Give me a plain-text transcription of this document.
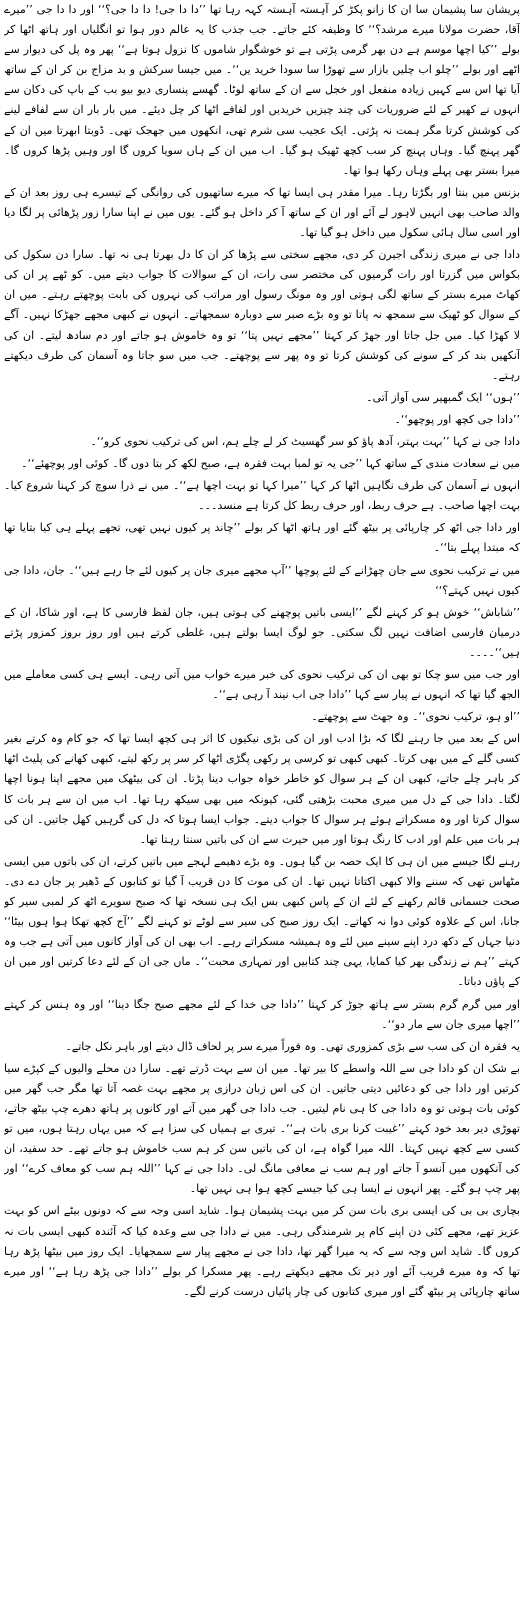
پریشان سا پشیمان سا ان کا زانو پکڑ کر آہستہ آہستہ کہہ رہا تھا ’’دا دا جی! دا دا جی؟‘‘ اور دا دا جی ’’میرے آقا، حضرت مولانا میرے مرشد؟‘‘ کا وظیفہ کئے جاتے۔ جب جذب کا یہ عالم دور ہوا تو انگلیاں اور ہاتھ اٹھا کر بولے ’’کیا اچھا موسم ہے دن بھر گرمی پڑتی ہے تو خوشگوار شاموں کا نزول ہوتا ہے‘‘ پھر وہ پل کی دیوار سے اٹھے اور بولے ’’چلو اب چلیں بازار سے تھوڑا سا سودا خرید یں‘‘۔ میں جیسا سرکش و بد مزاج بن کر ان کے ساتھ آیا تھا اس سے کہیں زیادہ منفعل اور خجل سے ان کے ساتھ لوٹا۔ گھسے پنساری دیو بیو بب کے باپ کی دکان سے انہوں نے کھیر کے لئے ضروریات کی چند چیزیں خریدیں اور لفافے اٹھا کر چل دیئے۔ میں بار بار ان سے لفافے لینے کی کوشش کرتا مگر ہمت نہ پڑتی۔ ایک عجیب سی شرم تھی، انکھوں میں جھجک تھی۔ ڈوبتا ابھرتا میں ان کے گھر پہنچ گیا۔ وہاں پہنچ کر سب کچھ ٹھیک ہو گیا۔ اب میں ان کے ہاں سویا کروں گا اور وہیں پڑھا کروں گا۔ میرا بستر بھی پہلے وہاں رکھا ہوا تھا۔

بزنس میں بنتا اور بگڑتا رہا۔ میرا مقدر ہی ایسا تھا کہ میرے ساتھیوں کی روانگی کے تیسرے ہی روز بعد ان کے والد صاحب بھی انہیں لاہور لے آئے اور ان کے ساتھ آ کر داخل ہو گئے۔ یوں میں نے اپنا سارا زور پڑھائی پر لگا دیا اور اسی سال ہائی سکول میں داخل ہو گیا تھا۔

دادا جی نے میری زندگی اجیرن کر دی، مجھے سختی سے پڑھا کر ان کا دل بھرتا ہی نہ تھا۔ سارا دن سکول کی بکواس میں گزرتا اور رات گرمیوں کی مختصر سی رات، ان کے سوالات کا جواب دیتے میں۔ کو ٹھے پر ان کی کھاٹ میرے بستر کے ساتھ لگی ہوتی اور وہ مونگ رسول اور مراتب کی نہروں کی بابت پوچھتے رہتے۔ میں ان کے سوال کو ٹھیک سے سمجھ نہ پاتا تو وہ بڑے صبر سے دوبارہ سمجھاتے۔ انہوں نے کبھی مجھے جھڑکا نہیں۔ آگے لا کھڑا کیا۔ میں جل جاتا اور جھڑ کر کہتا ’’مجھے نہیں پتا‘‘ تو وہ خاموش ہو جاتے اور دم سادھ لیتے۔ ان کی آنکھیں بند کر کے سونے کی کوشش کرتا تو وہ پھر سے پوچھتے۔ جب میں سو جاتا وہ آسمان کی طرف دیکھتے رہتے۔

’’ہوں‘‘ ایک گمبھیر سی آواز آتی۔

’’دادا جی کچھ اور پوچھو‘‘۔

دادا جی نے کہا ’’بہت بہتر، آدھ پاؤ کو سر گھسیٹ کر لے چلے ہم، اس کی ترکیب نحوی کرو‘‘۔

میں نے سعادت مندی کے ساتھ کہا ’’جی یہ تو لمبا بہت فقرہ ہے، صبح لکھ کر بتا دوں گا۔ کوئی اور پوچھئے‘‘۔

انہوں نے آسمان کی طرف نگاہیں اٹھا کر کہا ’’میرا کہا تو بہت اچھا ہے‘‘۔ میں نے ذرا سوچ کر کہنا شروع کیا۔ بہت اچھا صاحب۔ ہے حرف ربط، اور حرف ربط کل کرتا ہے منسد۔۔۔

اور دادا جی اٹھ کر چارپائی پر بیٹھ گئے اور ہاتھ اٹھا کر بولے ’’چاند پر کیوں نہیں تھی، تجھے پہلے ہی کیا بتایا تھا کہ مبتدا پہلے بتا‘‘۔

میں نے ترکیب نحوی سے جان چھڑانے کے لئے پوچھا ’’آپ مجھے میری جان پر کیوں لئے جا رہے ہیں‘‘۔ جان، دادا جی کیوں نہیں کہتے؟‘‘

’’شاباش‘‘ خوش ہو کر کہنے لگے ’’ایسی باتیں پوچھنے کی ہوتی ہیں، جان لفظ فارسی کا ہے، اور شاکا، ان کے درمیان فارسی اضافت نہیں لگ سکتی۔ جو لوگ ایسا بولتے ہیں، غلطی کرتے ہیں اور روز بروز کمزور پڑتے ہیں‘‘۔۔۔۔

اور جب میں سو چکا تو بھی ان کی ترکیب نحوی کی خبر میرے خواب میں آتی رہی۔ ایسے ہی کسی معاملے میں الجھ گیا تھا کہ انہوں نے پیار سے کہا ’’دادا جی اب نیند آ رہی ہے‘‘۔

’’او ہو، ترکیب نحوی‘‘۔ وہ جھٹ سے پوچھتے۔

اس کے بعد میں جا رہنے لگا کہ بڑا ادب اور ان کی بڑی نیکیوں کا اثر ہی کچھ ایسا تھا کہ جو کام وہ کرتے بغیر کسی گلے کے میں بھی کرتا۔ کبھی کبھی تو کرسی پر رکھی پگڑی اٹھا کر سر پر رکھ لیتے، کبھی کھانے کی پلیٹ اٹھا کر باہر چلے جاتے، کبھی ان کے ہر سوال کو خاطر خواہ جواب دینا پڑتا۔ ان کی بیٹھک میں مجھے اپنا ہونا اچھا لگتا۔ دادا جی کے دل میں میری محبت بڑھتی گئی، کیونکہ میں بھی سیکھ رہا تھا۔ اب میں ان سے ہر بات کا سوال کرتا اور وہ مسکراتے ہوئے ہر سوال کا جواب دیتے۔ جواب ایسا ہوتا کہ دل کی گرہیں کھل جاتیں۔ ان کی ہر بات میں علم اور ادب کا رنگ ہوتا اور میں حیرت سے ان کی باتیں سنتا رہتا تھا۔

رہنے لگا جیسے میں ان ہی کا ایک حصہ بن گیا ہوں۔ وہ بڑے دھیمے لہجے میں باتیں کرتے، ان کی باتوں میں ایسی مٹھاس تھی کہ سننے والا کبھی اکتاتا نہیں تھا۔ ان کی موت کا دن قریب آ گیا تو کتابوں کے ڈھیر پر جان دے دی۔ صحت جسمانی قائم رکھنے کے لئے ان کے پاس کبھی بس ایک ہی نسخہ تھا کہ صبح سویرے اٹھ کر لمبی سیر کو جانا، اس کے علاوہ کوئی دوا نہ کھاتے۔ ایک روز صبح کی سیر سے لوٹے تو کہنے لگے ’’آج کچھ تھکا ہوا ہوں بیٹا‘‘ دنیا جہاں کے دکھ درد اپنے سینے میں لئے وہ ہمیشہ مسکراتے رہے۔ اب بھی ان کی آواز کانوں میں آتی ہے جب وہ کہتے ’’ہم نے زندگی بھر کیا کمایا، یہی چند کتابیں اور تمہاری محبت‘‘۔ ماں جی ان کے لئے دعا کرتیں اور میں ان کے پاؤں دباتا۔

اور میں گرم گرم بستر سے ہاتھ جوڑ کر کہتا ’’دادا جی خدا کے لئے مجھے صبح جگا دینا‘‘ اور وہ ہنس کر کہتے ’’اچھا میری جان سے مار دو‘‘۔

یہ فقرہ ان کی سب سے بڑی کمزوری تھی۔ وہ فوراً میرے سر پر لحاف ڈال دیتے اور باہر نکل جاتے۔

بے شک ان کو دادا جی سے اللہ واسطے کا بیر تھا۔ میں ان سے بہت ڈرتے تھے۔ سارا دن محلے والیوں کے کپڑے سیا کرتیں اور دادا جی کو دعائیں دیتی جاتیں۔ ان کی اس زبان درازی پر مجھے بہت غصہ آتا تھا مگر جب گھر میں کوئی بات ہوتی تو وہ دادا جی کا ہی نام لیتیں۔ جب دادا جی گھر میں آتے اور کانوں پر ہاتھ دھرے چپ بیٹھ جاتے، تھوڑی دیر بعد خود کہتے ’’غیبت کرنا بری بات ہے‘‘۔ تیری بے ہمیاں کی سزا ہے کہ میں یہاں رہتا ہوں، میں تو کسی سے کچھ نہیں کہتا۔ اللہ میرا گواہ ہے، ان کی باتیں سن کر ہم سب خاموش ہو جاتے تھے۔ حد سفید، ان کی آنکھوں میں آنسو آ جاتے اور ہم سب نے معافی مانگ لی۔ دادا جی نے کہا ’’اللہ ہم سب کو معاف کرے‘‘ اور پھر چپ ہو گئے۔ پھر انہوں نے ایسا ہی کیا جیسے کچھ ہوا ہی نہیں تھا۔

بچاری بی بی کی ایسی بری بات سن کر میں بہت پشیمان ہوا۔ شاید اسی وجہ سے کہ دونوں بیٹے اس کو بہت عزیز تھے، مجھے کئی دن اپنے کام پر شرمندگی رہی۔ میں نے دادا جی سے وعدہ کیا کہ آئندہ کبھی ایسی بات نہ کروں گا۔ شاید اس وجہ سے کہ یہ میرا گھر تھا، دادا جی نے مجھے پیار سے سمجھایا۔ ایک روز میں بیٹھا پڑھ رہا تھا کہ وہ میرے قریب آئے اور دیر تک مجھے دیکھتے رہے۔ پھر مسکرا کر بولے ’’دادا جی پڑھ رہا ہے‘‘ اور میرے ساتھ چارپائی پر بیٹھ گئے اور میری کتابوں کی چار پائیاں درست کرنے لگے۔
